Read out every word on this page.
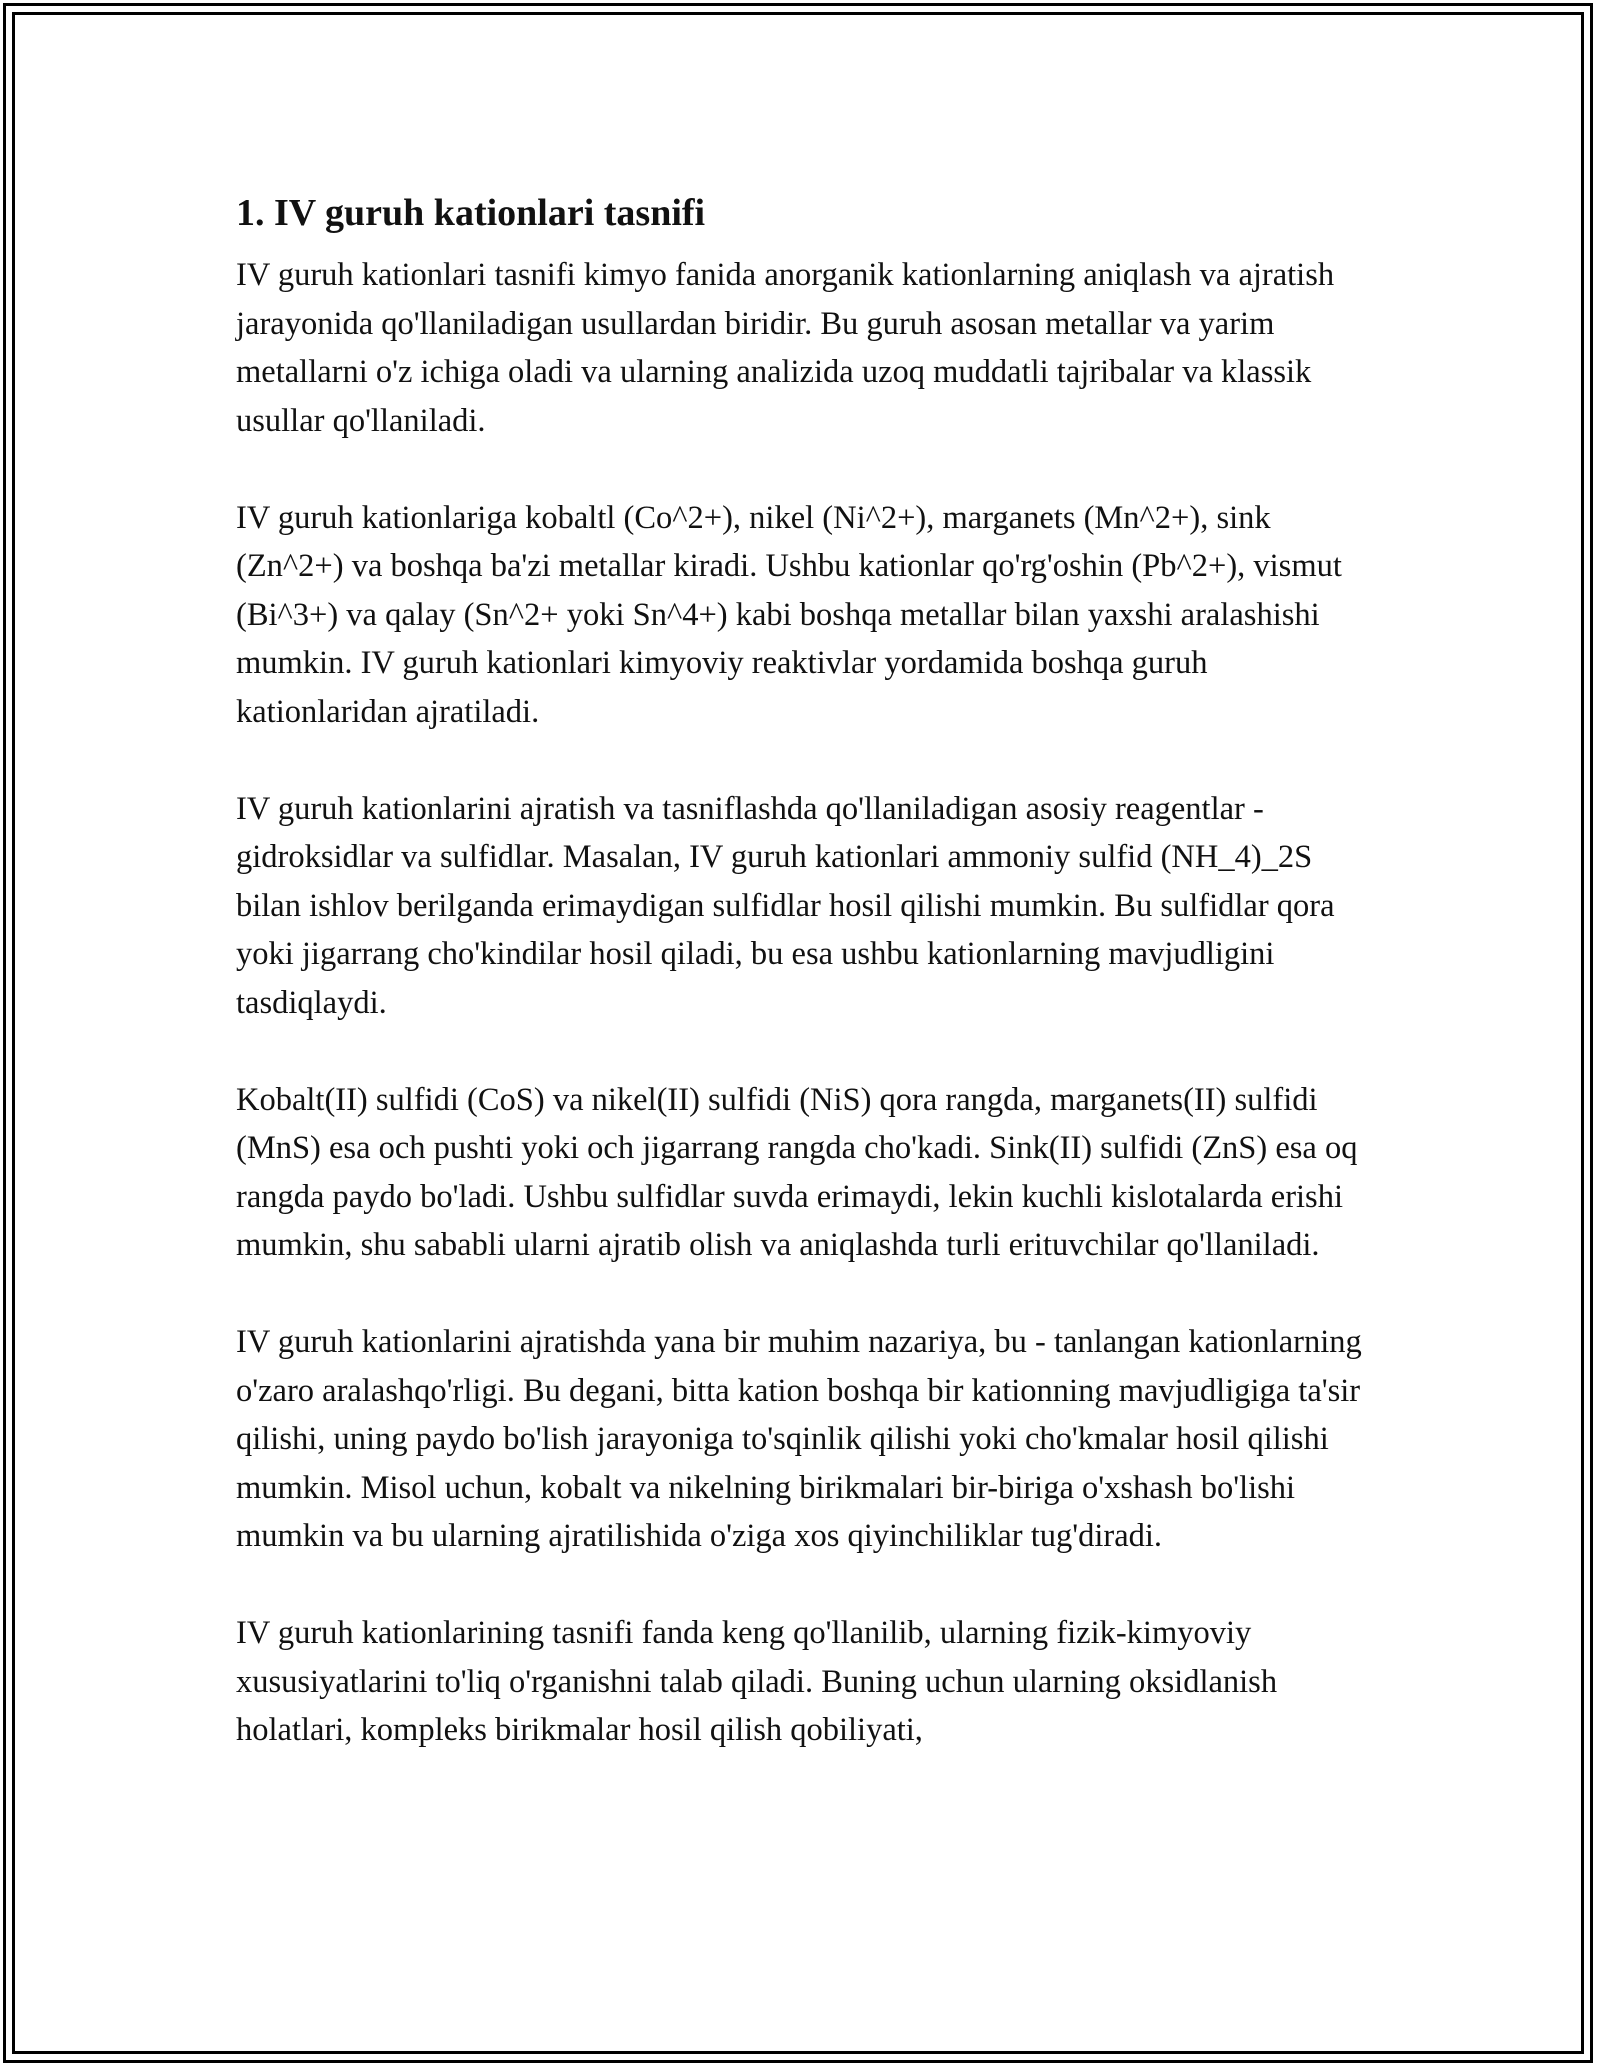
1. IV guruh kationlari tasnifi

IV guruh kationlari tasnifi kimyo fanida anorganik kationlarning aniqlash va ajratish jarayonida qo'llaniladigan usullardan biridir. Bu guruh asosan metallar va yarim metallarni o'z ichiga oladi va ularning analizida uzoq muddatli tajribalar va klassik usullar qo'llaniladi.

IV guruh kationlariga kobaltl (Co^2+), nikel (Ni^2+), marganets (Mn^2+), sink (Zn^2+) va boshqa ba'zi metallar kiradi. Ushbu kationlar qo'rg'oshin (Pb^2+), vismut (Bi^3+) va qalay (Sn^2+ yoki Sn^4+) kabi boshqa metallar bilan yaxshi aralashishi mumkin. IV guruh kationlari kimyoviy reaktivlar yordamida boshqa guruh kationlaridan ajratiladi.

IV guruh kationlarini ajratish va tasniflashda qo'llaniladigan asosiy reagentlar - gidroksidlar va sulfidlar. Masalan, IV guruh kationlari ammoniy sulfid (NH_4)_2S bilan ishlov berilganda erimaydigan sulfidlar hosil qilishi mumkin. Bu sulfidlar qora yoki jigarrang cho'kindilar hosil qiladi, bu esa ushbu kationlarning mavjudligini tasdiqlaydi.

Kobalt(II) sulfidi (CoS) va nikel(II) sulfidi (NiS) qora rangda, marganets(II) sulfidi (MnS) esa och pushti yoki och jigarrang rangda cho'kadi. Sink(II) sulfidi (ZnS) esa oq rangda paydo bo'ladi. Ushbu sulfidlar suvda erimaydi, lekin kuchli kislotalarda erishi mumkin, shu sababli ularni ajratib olish va aniqlashda turli erituvchilar qo'llaniladi.

IV guruh kationlarini ajratishda yana bir muhim nazariya, bu - tanlangan kationlarning o'zaro aralashqo'rligi. Bu degani, bitta kation boshqa bir kationning mavjudligiga ta'sir qilishi, uning paydo bo'lish jarayoniga to'sqinlik qilishi yoki cho'kmalar hosil qilishi mumkin. Misol uchun, kobalt va nikelning birikmalari bir-biriga o'xshash bo'lishi mumkin va bu ularning ajratilishida o'ziga xos qiyinchiliklar tug'diradi.

IV guruh kationlarining tasnifi fanda keng qo'llanilib, ularning fizik-kimyoviy xususiyatlarini to'liq o'rganishni talab qiladi. Buning uchun ularning oksidlanish holatlari, kompleks birikmalar hosil qilish qobiliyati,
